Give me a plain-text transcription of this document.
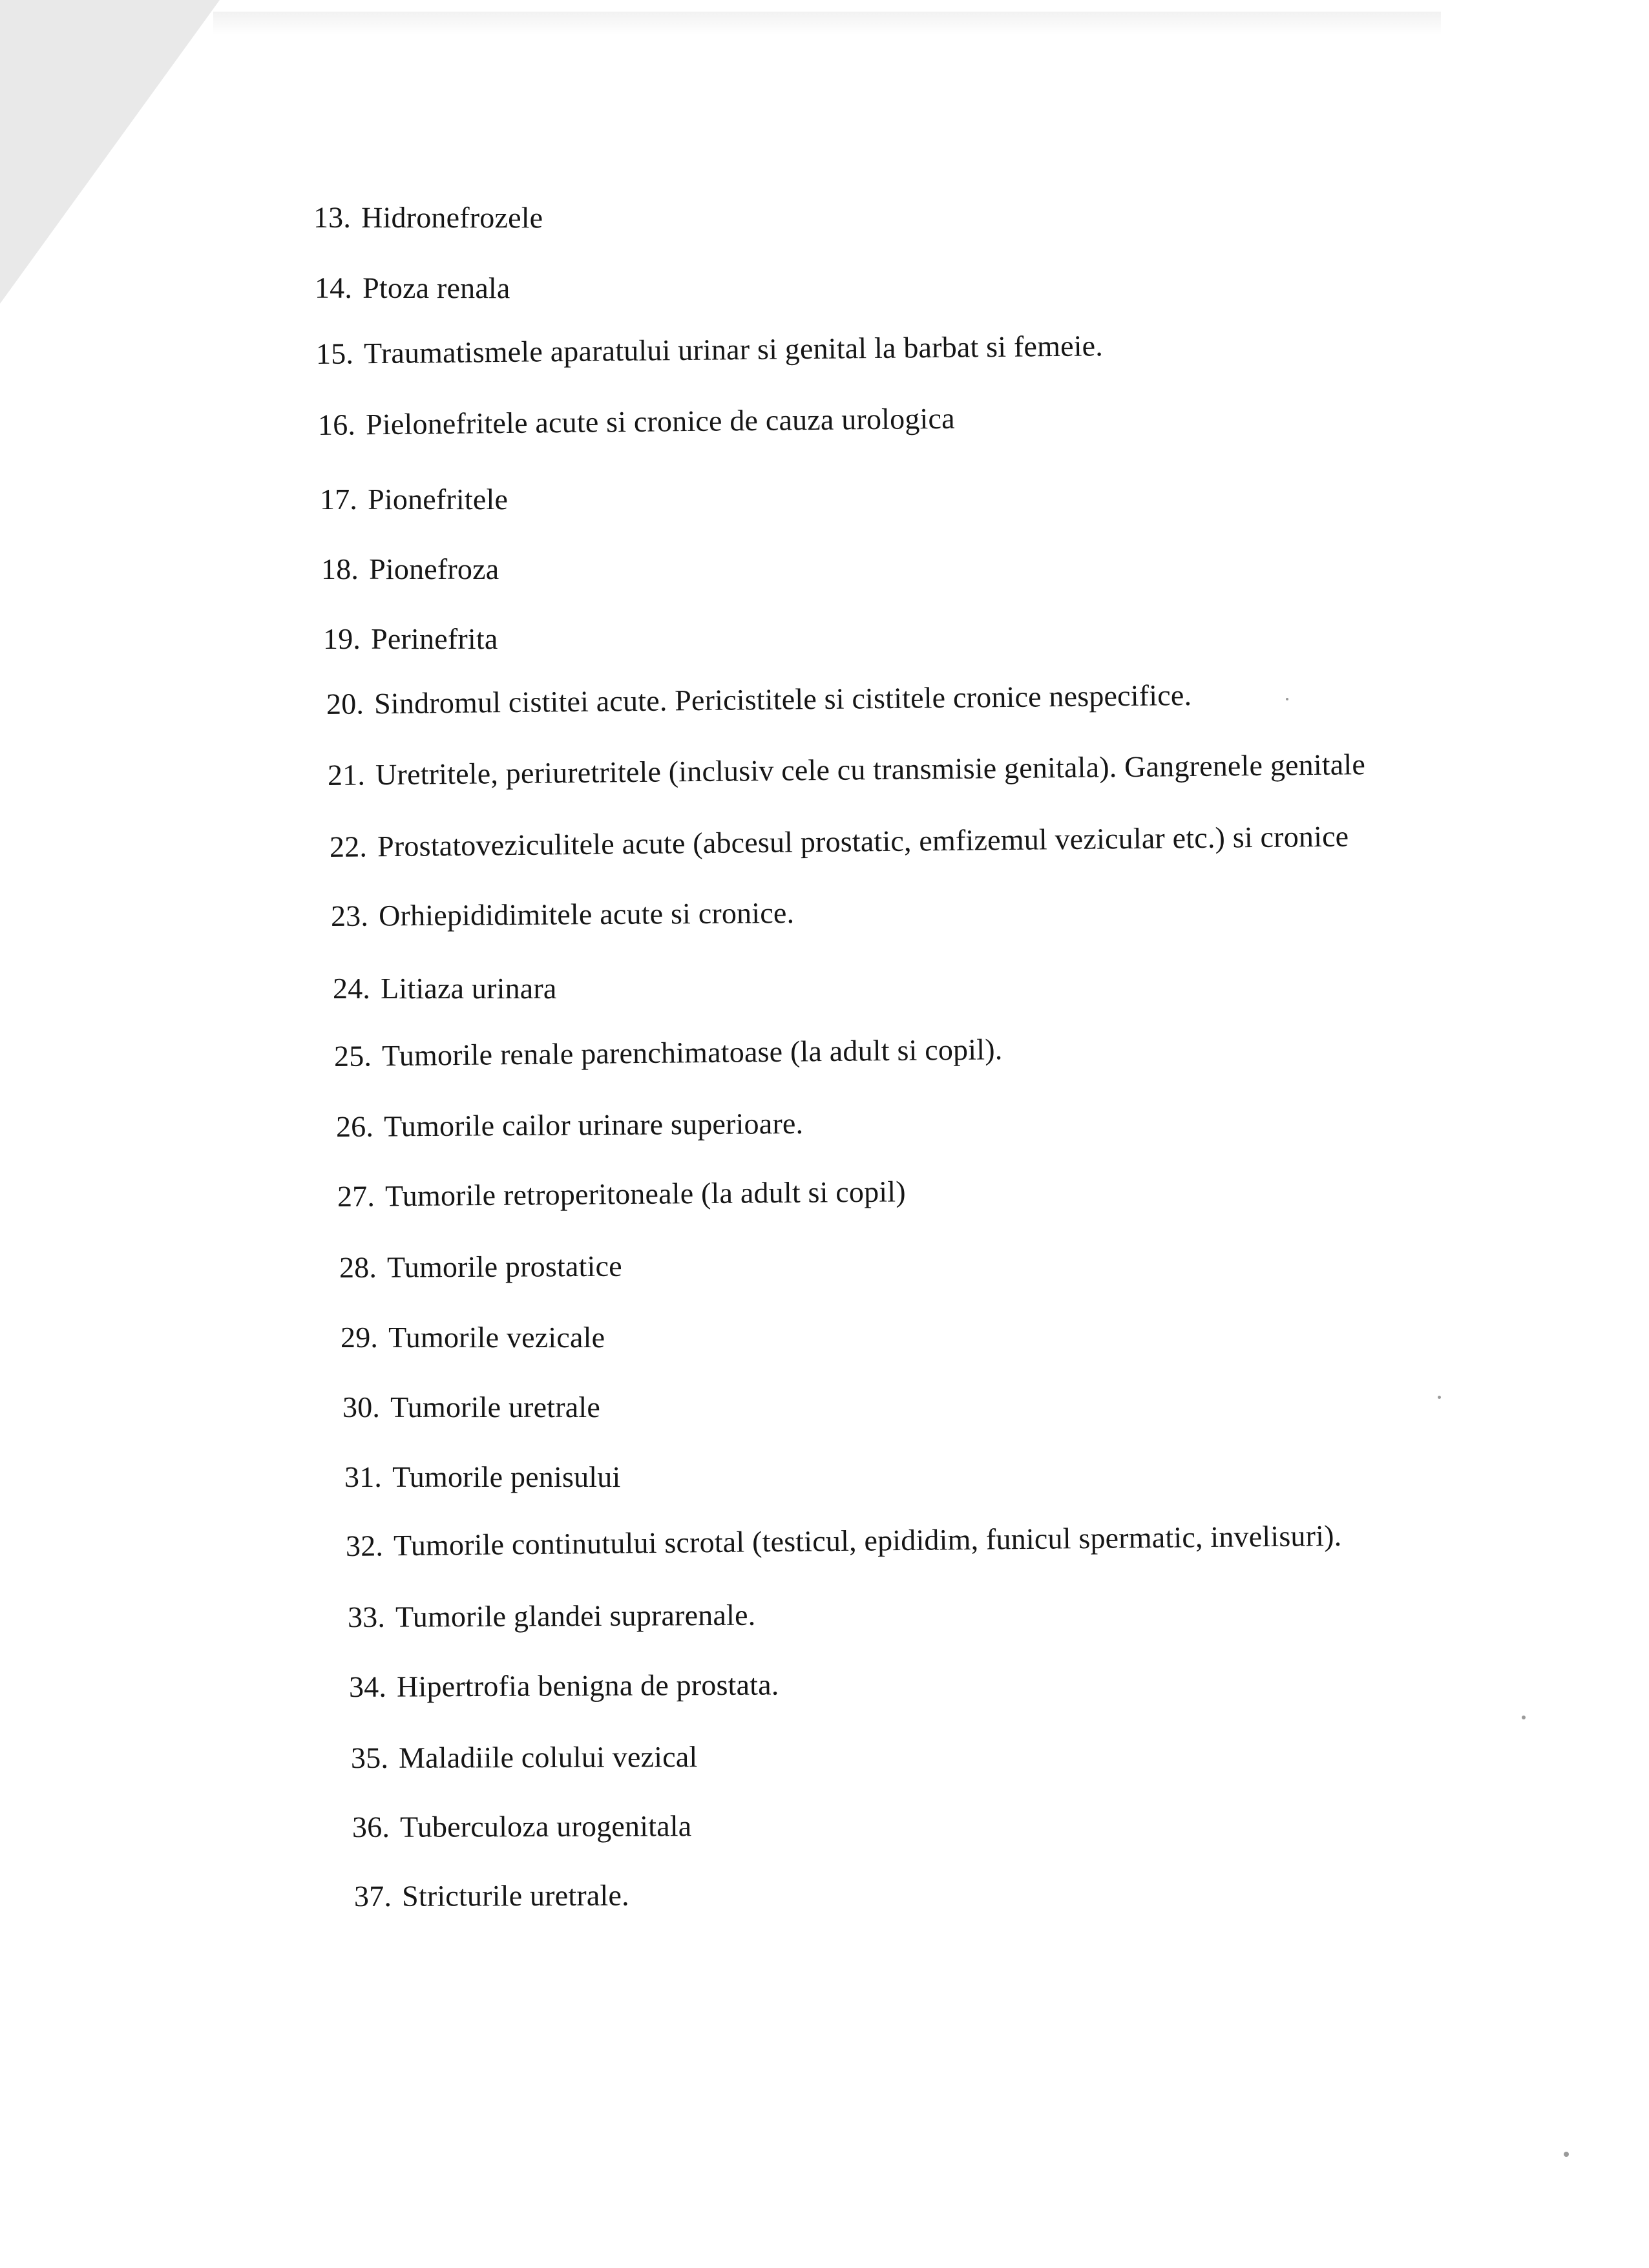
13. Hidronefrozele
14. Ptoza renala
15. Traumatismele aparatului urinar si genital la barbat si femeie.
16. Pielonefritele acute si cronice de cauza urologica
17. Pionefritele
18. Pionefroza
19. Perinefrita
20. Sindromul cistitei acute. Pericistitele si cistitele cronice nespecifice.
21. Uretritele, periuretritele (inclusiv cele cu transmisie genitala). Gangrenele genitale
22. Prostatoveziculitele acute (abcesul prostatic, emfizemul vezicular etc.) si cronice
23. Orhiepididimitele acute si cronice.
24. Litiaza urinara
25. Tumorile renale parenchimatoase (la adult si copil).
26. Tumorile cailor urinare superioare.
27. Tumorile retroperitoneale (la adult si copil)
28. Tumorile prostatice
29. Tumorile vezicale
30. Tumorile uretrale
31. Tumorile penisului
32. Tumorile continutului scrotal (testicul, epididim, funicul spermatic, invelisuri).
33. Tumorile glandei suprarenale.
34. Hipertrofia benigna de prostata.
35. Maladiile colului vezical
36. Tuberculoza urogenitala
37. Stricturile uretrale.
